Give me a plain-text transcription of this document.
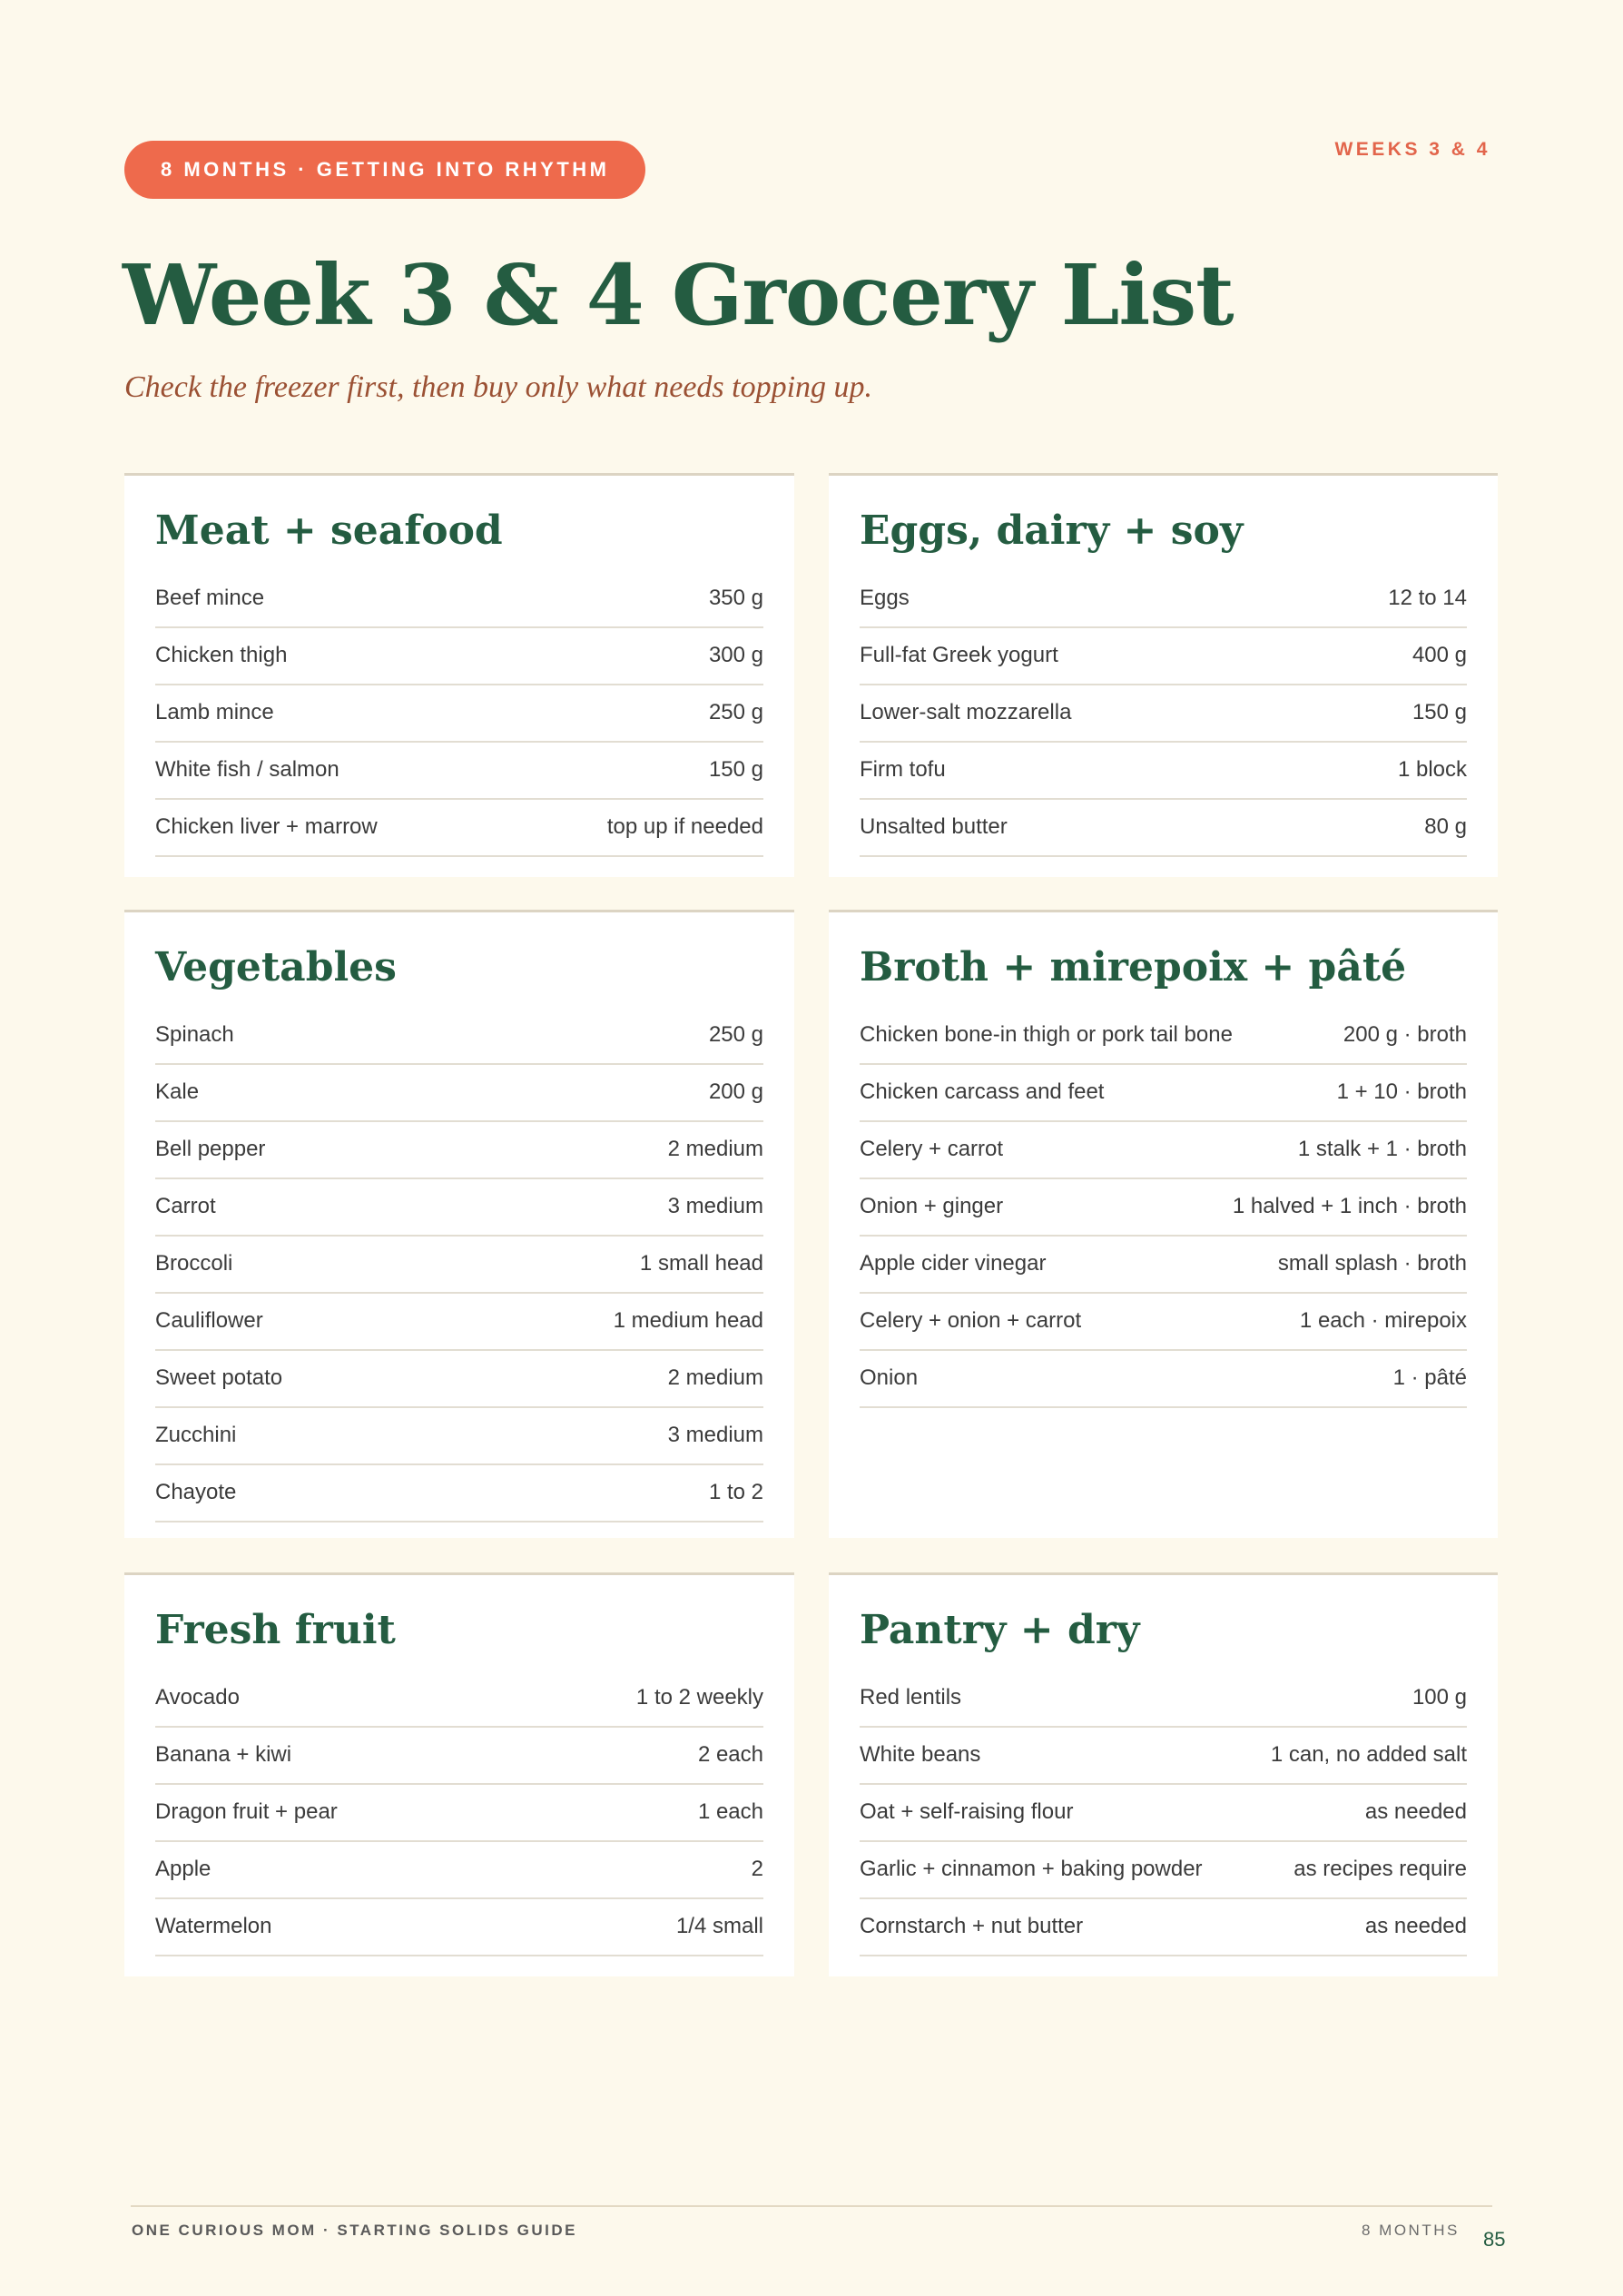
8 MONTHS · GETTING INTO RHYTHM
WEEKS 3 & 4
Week 3 & 4 Grocery List
Check the freezer first, then buy only what needs topping up.
Meat + seafood
Beef mince	350 g
Chicken thigh	300 g
Lamb mince	250 g
White fish / salmon	150 g
Chicken liver + marrow	top up if needed
Eggs, dairy + soy
Eggs	12 to 14
Full-fat Greek yogurt	400 g
Lower-salt mozzarella	150 g
Firm tofu	1 block
Unsalted butter	80 g
Vegetables
Spinach	250 g
Kale	200 g
Bell pepper	2 medium
Carrot	3 medium
Broccoli	1 small head
Cauliflower	1 medium head
Sweet potato	2 medium
Zucchini	3 medium
Chayote	1 to 2
Broth + mirepoix + pâté
Chicken bone-in thigh or pork tail bone	200 g · broth
Chicken carcass and feet	1 + 10 · broth
Celery + carrot	1 stalk + 1 · broth
Onion + ginger	1 halved + 1 inch · broth
Apple cider vinegar	small splash · broth
Celery + onion + carrot	1 each · mirepoix
Onion	1 · pâté
Fresh fruit
Avocado	1 to 2 weekly
Banana + kiwi	2 each
Dragon fruit + pear	1 each
Apple	2
Watermelon	1/4 small
Pantry + dry
Red lentils	100 g
White beans	1 can, no added salt
Oat + self-raising flour	as needed
Garlic + cinnamon + baking powder	as recipes require
Cornstarch + nut butter	as needed
ONE CURIOUS MOM · STARTING SOLIDS GUIDE	8 MONTHS 85
